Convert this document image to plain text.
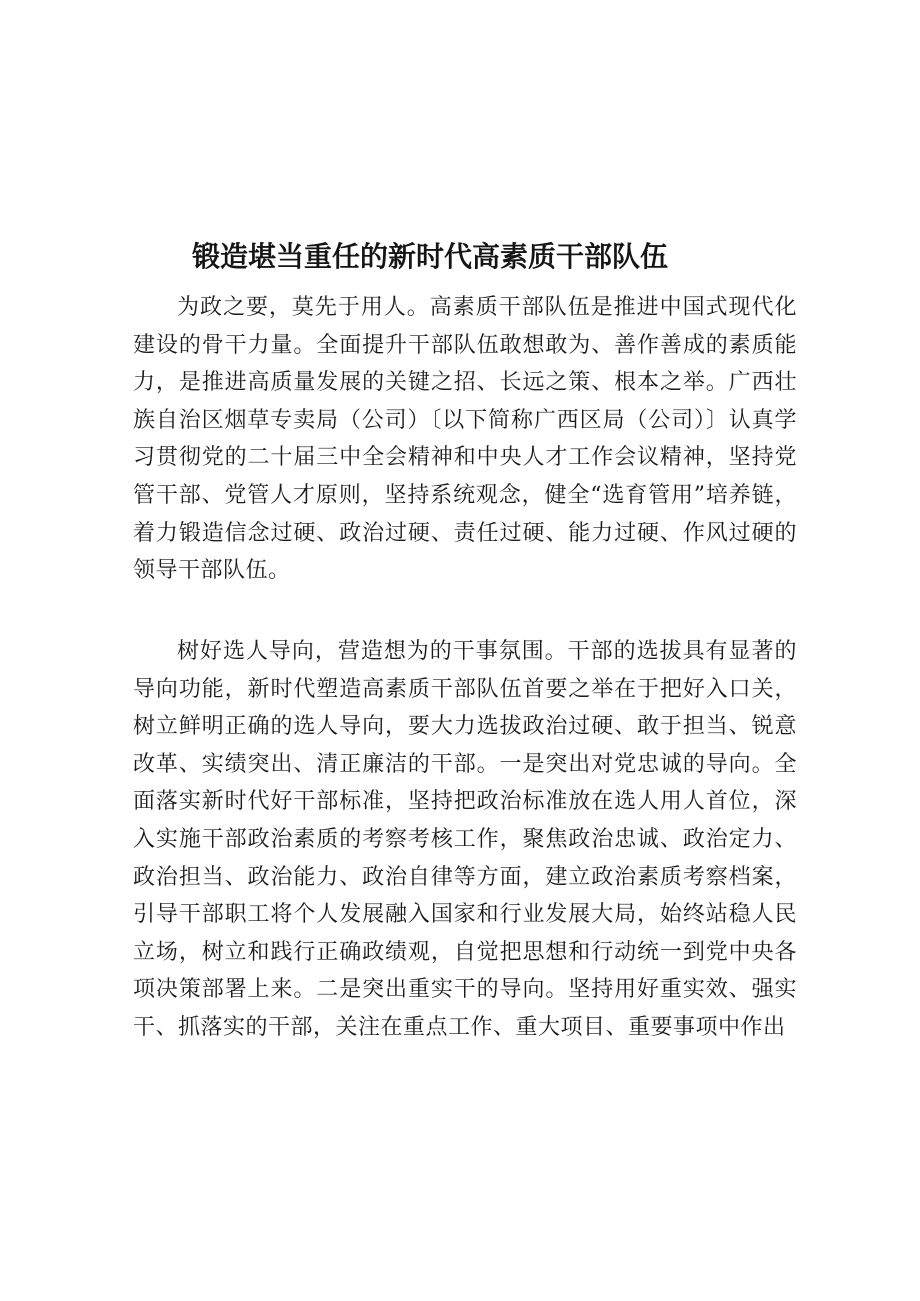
锻造堪当重任的新时代高素质干部队伍

为政之要，莫先于用人。高素质干部队伍是推进中国式现代化建设的骨干力量。全面提升干部队伍敢想敢为、善作善成的素质能力，是推进高质量发展的关键之招、长远之策、根本之举。广西壮族自治区烟草专卖局（公司）〔以下简称广西区局（公司）〕认真学习贯彻党的二十届三中全会精神和中央人才工作会议精神，坚持党管干部、党管人才原则，坚持系统观念，健全“选育管用”培养链，着力锻造信念过硬、政治过硬、责任过硬、能力过硬、作风过硬的领导干部队伍。

树好选人导向，营造想为的干事氛围。干部的选拔具有显著的导向功能，新时代塑造高素质干部队伍首要之举在于把好入口关，树立鲜明正确的选人导向，要大力选拔政治过硬、敢于担当、锐意改革、实绩突出、清正廉洁的干部。一是突出对党忠诚的导向。全面落实新时代好干部标准，坚持把政治标准放在选人用人首位，深入实施干部政治素质的考察考核工作，聚焦政治忠诚、政治定力、政治担当、政治能力、政治自律等方面，建立政治素质考察档案，引导干部职工将个人发展融入国家和行业发展大局，始终站稳人民立场，树立和践行正确政绩观，自觉把思想和行动统一到党中央各项决策部署上来。二是突出重实干的导向。坚持用好重实效、强实干、抓落实的干部，关注在重点工作、重大项目、重要事项中作出
